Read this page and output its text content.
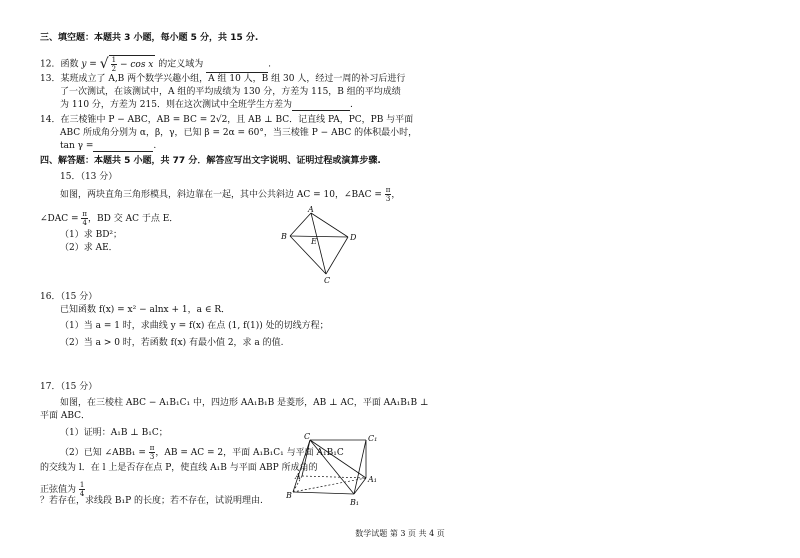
三、填空题：本题共 3 小题，每小题 5 分，共 15 分.
12．函数 y = √ $\frac{1}{2} - \cos x$ 的定义域为	.
13．某班成立了 A,B 两个数学兴趣小组，A 组 10 人，B 组 30 人，经过一周的补习后进行
了一次测试，在该测试中，A 组的平均成绩为 130 分，方差为 115，B 组的平均成绩
为 110 分，方差为 215．则在这次测试中全班学生方差为	.
14．在三棱锥中 P − ABC，AB = BC = 2√2，且 AB ⊥ BC．记直线 PA，PC，PB 与平面
ABC 所成角分别为 α，β，γ，已知 β = 2α = 60°，当三棱锥 P − ABC 的体积最小时，
tan γ =	.
四、解答题：本题共 5 小题，共 77 分．解答应写出文字说明、证明过程或演算步骤.
15．（13 分）
如图，两块直角三角形模具，斜边靠在一起，其中公共斜边 AC = 10，∠BAC = $\frac{\pi}{3}$，
∠DAC = $\frac{\pi}{4}$，BD 交 AC 于点 E．
（1）求 BD²；
（2）求 AE．
A
B	D
E
C
16．（15 分）
已知函数 f(x) = x² − alnx + 1，a ∈ R．
（1）当 a = 1 时，求曲线 y = f(x) 在点 (1, f(1)) 处的切线方程；
（2）当 a > 0 时，若函数 f(x) 有最小值 2，求 a 的值.
17．（15 分）
如图，在三棱柱 ABC − A₁B₁C₁ 中，四边形 AA₁B₁B 是菱形，AB ⊥ AC，平面 AA₁B₁B ⊥
平面 ABC．
（1）证明：A₁B ⊥ B₁C；
（2）已知 ∠ABB₁ = $\frac{\pi}{3}$，AB = AC = 2，平面 A₁B₁C₁ 与平面 A₁B₁C
的交线为 l．在 l 上是否存在点 P，使直线 A₁B 与平面 ABP 所成角的
正弦值为 $\frac{1}{4}$
？若存在，求线段 B₁P 的长度；若不存在，试说明理由.
C	C₁
A	A₁
B
B₁
数学试题 第 3 页 共 4 页
